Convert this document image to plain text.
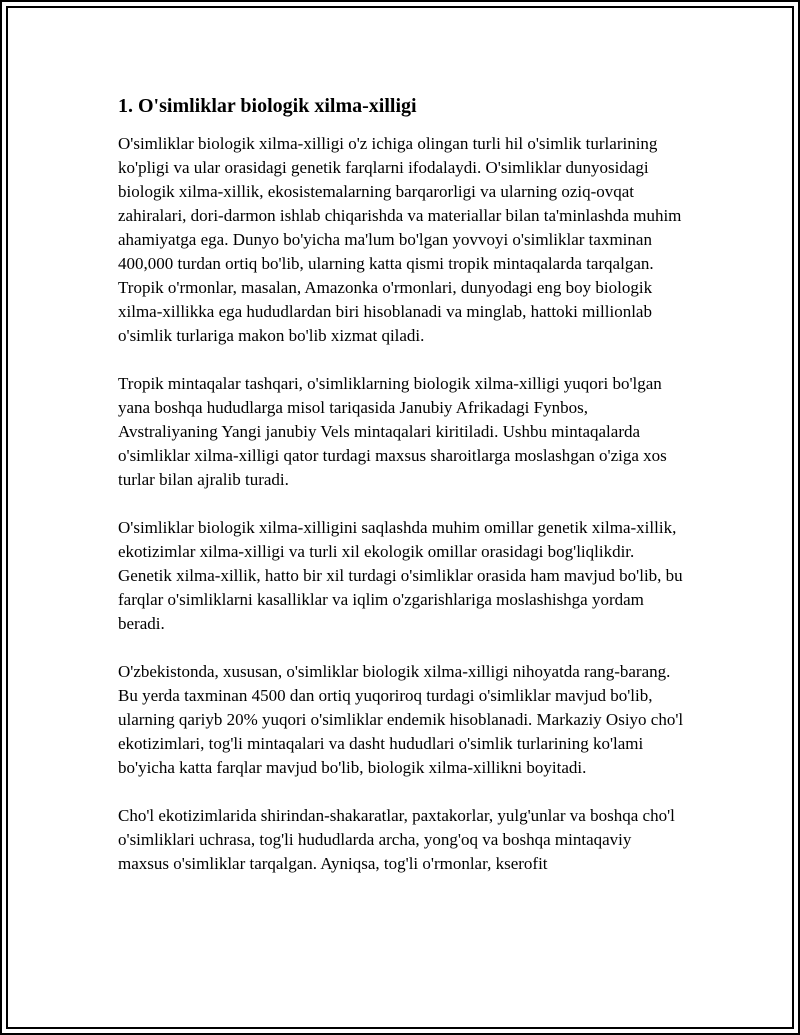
1. O'simliklar biologik xilma-xilligi

O'simliklar biologik xilma-xilligi o'z ichiga olingan turli hil o'simlik turlarining ko'pligi va ular orasidagi genetik farqlarni ifodalaydi. O'simliklar dunyosidagi biologik xilma-xillik, ekosistemalarning barqarorligi va ularning oziq-ovqat zahiralari, dori-darmon ishlab chiqarishda va materiallar bilan ta'minlashda muhim ahamiyatga ega. Dunyo bo'yicha ma'lum bo'lgan yovvoyi o'simliklar taxminan 400,000 turdan ortiq bo'lib, ularning katta qismi tropik mintaqalarda tarqalgan. Tropik o'rmonlar, masalan, Amazonka o'rmonlari, dunyodagi eng boy biologik xilma-xillikka ega hududlardan biri hisoblanadi va minglab, hattoki millionlab o'simlik turlariga makon bo'lib xizmat qiladi.

Tropik mintaqalar tashqari, o'simliklarning biologik xilma-xilligi yuqori bo'lgan yana boshqa hududlarga misol tariqasida Janubiy Afrikadagi Fynbos, Avstraliyaning Yangi janubiy Vels mintaqalari kiritiladi. Ushbu mintaqalarda o'simliklar xilma-xilligi qator turdagi maxsus sharoitlarga moslashgan o'ziga xos turlar bilan ajralib turadi.

O'simliklar biologik xilma-xilligini saqlashda muhim omillar genetik xilma-xillik, ekotizimlar xilma-xilligi va turli xil ekologik omillar orasidagi bog'liqlikdir. Genetik xilma-xillik, hatto bir xil turdagi o'simliklar orasida ham mavjud bo'lib, bu farqlar o'simliklarni kasalliklar va iqlim o'zgarishlariga moslashishga yordam beradi.

O'zbekistonda, xususan, o'simliklar biologik xilma-xilligi nihoyatda rang-barang. Bu yerda taxminan 4500 dan ortiq yuqoriroq turdagi o'simliklar mavjud bo'lib, ularning qariyb 20% yuqori o'simliklar endemik hisoblanadi. Markaziy Osiyo cho'l ekotizimlari, tog'li mintaqalari va dasht hududlari o'simlik turlarining ko'lami bo'yicha katta farqlar mavjud bo'lib, biologik xilma-xillikni boyitadi.

Cho'l ekotizimlarida shirindan-shakaratlar, paxtakorlar, yulg'unlar va boshqa cho'l o'simliklari uchrasa, tog'li hududlarda archa, yong'oq va boshqa mintaqaviy maxsus o'simliklar tarqalgan. Ayniqsa, tog'li o'rmonlar, kserofit
